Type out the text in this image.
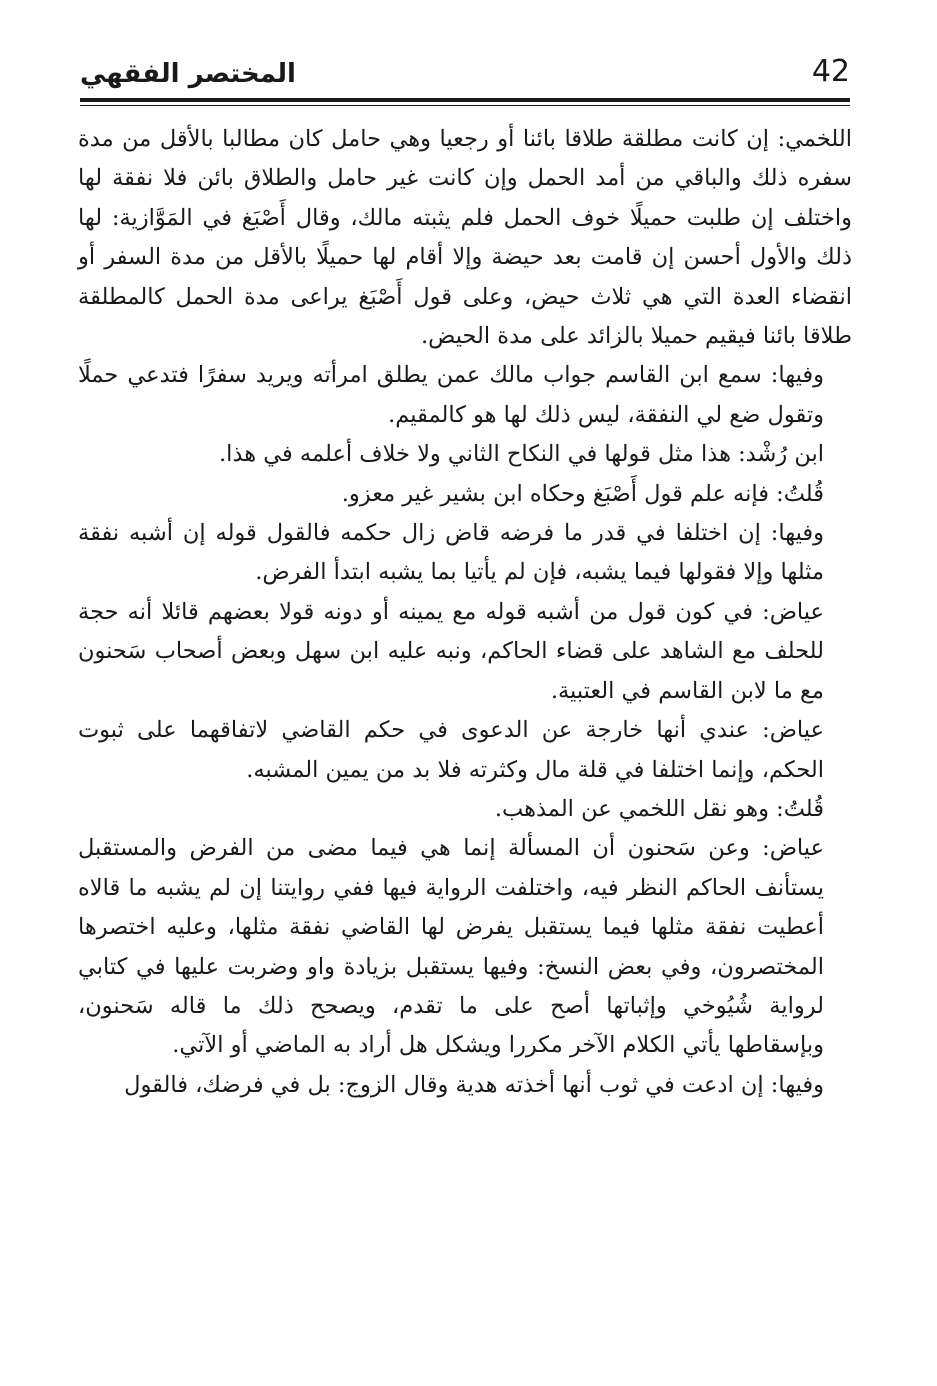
42
المختصر الفقهي

اللخمي: إن كانت مطلقة طلاقا بائنا أو رجعيا وهي حامل كان مطالبا بالأقل من مدة سفره ذلك والباقي من أمد الحمل وإن كانت غير حامل والطلاق بائن فلا نفقة لها واختلف إن طلبت حميلًا خوف الحمل فلم يثبته مالك، وقال أَصْبَغ في المَوَّازية: لها ذلك والأول أحسن إن قامت بعد حيضة وإلا أقام لها حميلًا بالأقل من مدة السفر أو انقضاء العدة التي هي ثلاث حيض، وعلى قول أَصْبَغ يراعى مدة الحمل كالمطلقة طلاقا بائنا فيقيم حميلا بالزائد على مدة الحيض.

وفيها: سمع ابن القاسم جواب مالك عمن يطلق امرأته ويريد سفرًا فتدعي حملًا وتقول ضع لي النفقة، ليس ذلك لها هو كالمقيم.

ابن رُشْد: هذا مثل قولها في النكاح الثاني ولا خلاف أعلمه في هذا.

قُلتُ: فإنه علم قول أَصْبَغ وحكاه ابن بشير غير معزو.

وفيها: إن اختلفا في قدر ما فرضه قاض زال حكمه فالقول قوله إن أشبه نفقة مثلها وإلا فقولها فيما يشبه، فإن لم يأتيا بما يشبه ابتدأ الفرض.

عياض: في كون قول من أشبه قوله مع يمينه أو دونه قولا بعضهم قائلا أنه حجة للحلف مع الشاهد على قضاء الحاكم، ونبه عليه ابن سهل وبعض أصحاب سَحنون مع ما لابن القاسم في العتبية.

عياض: عندي أنها خارجة عن الدعوى في حكم القاضي لاتفاقهما على ثبوت الحكم، وإنما اختلفا في قلة مال وكثرته فلا بد من يمين المشبه.

قُلتُ: وهو نقل اللخمي عن المذهب.

عياض: وعن سَحنون أن المسألة إنما هي فيما مضى من الفرض والمستقبل يستأنف الحاكم النظر فيه، واختلفت الرواية فيها ففي روايتنا إن لم يشبه ما قالاه أعطيت نفقة مثلها فيما يستقبل يفرض لها القاضي نفقة مثلها، وعليه اختصرها المختصرون، وفي بعض النسخ: وفيها يستقبل بزيادة واو وضربت عليها في كتابي لرواية شُيُوخي وإثباتها أصح على ما تقدم، ويصحح ذلك ما قاله سَحنون، وبإسقاطها يأتي الكلام الآخر مكررا ويشكل هل أراد به الماضي أو الآتي.

وفيها: إن ادعت في ثوب أنها أخذته هدية وقال الزوج: بل في فرضك، فالقول
